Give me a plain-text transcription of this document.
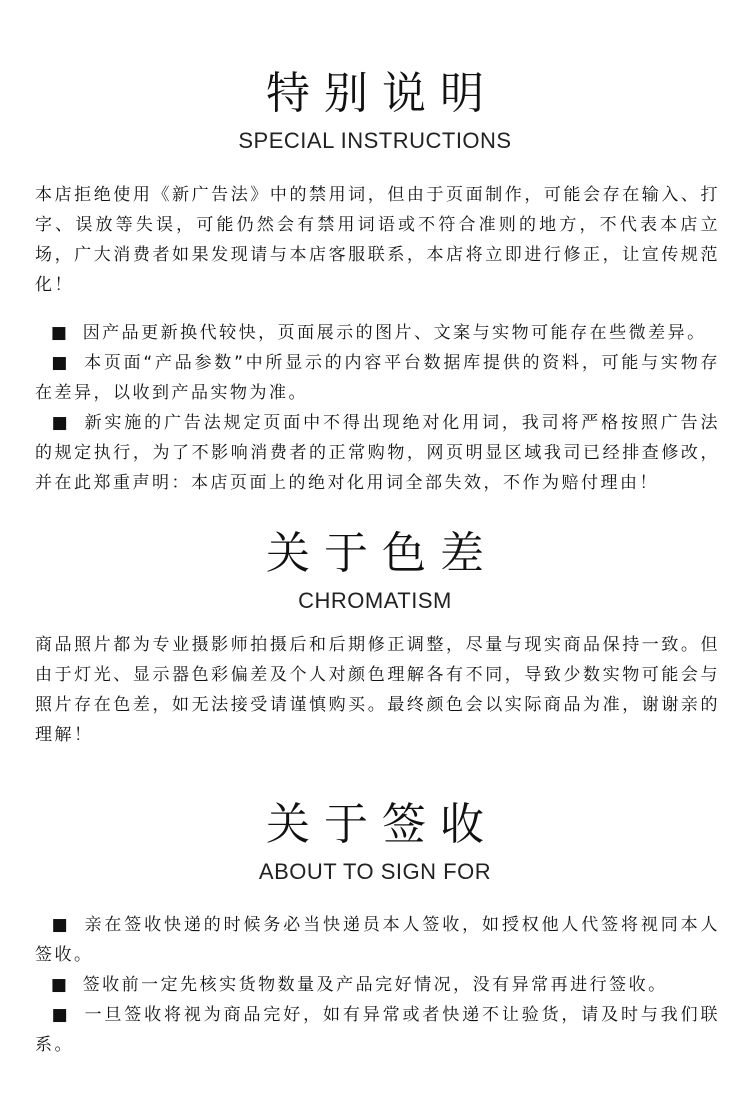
特别说明
SPECIAL INSTRUCTIONS

本店拒绝使用《新广告法》中的禁用词，但由于页面制作，可能会存在输入、打字、误放等失误，可能仍然会有禁用词语或不符合准则的地方，不代表本店立场，广大消费者如果发现请与本店客服联系，本店将立即进行修正，让宣传规范化！

■ 因产品更新换代较快，页面展示的图片、文案与实物可能存在些微差异。
■ 本页面“产品参数”中所显示的内容平台数据库提供的资料，可能与实物存在差异，以收到产品实物为准。
■ 新实施的广告法规定页面中不得出现绝对化用词，我司将严格按照广告法的规定执行，为了不影响消费者的正常购物，网页明显区域我司已经排查修改，并在此郑重声明：本店页面上的绝对化用词全部失效，不作为赔付理由！
关于色差
CHROMATISM

商品照片都为专业摄影师拍摄后和后期修正调整，尽量与现实商品保持一致。但由于灯光、显示器色彩偏差及个人对颜色理解各有不同，导致少数实物可能会与照片存在色差，如无法接受请谨慎购买。最终颜色会以实际商品为准，谢谢亲的理解！

关于签收
ABOUT TO SIGN FOR
■ 亲在签收快递的时候务必当快递员本人签收，如授权他人代签将视同本人签收。
■ 签收前一定先核实货物数量及产品完好情况，没有异常再进行签收。
■ 一旦签收将视为商品完好，如有异常或者快递不让验货，请及时与我们联系。
